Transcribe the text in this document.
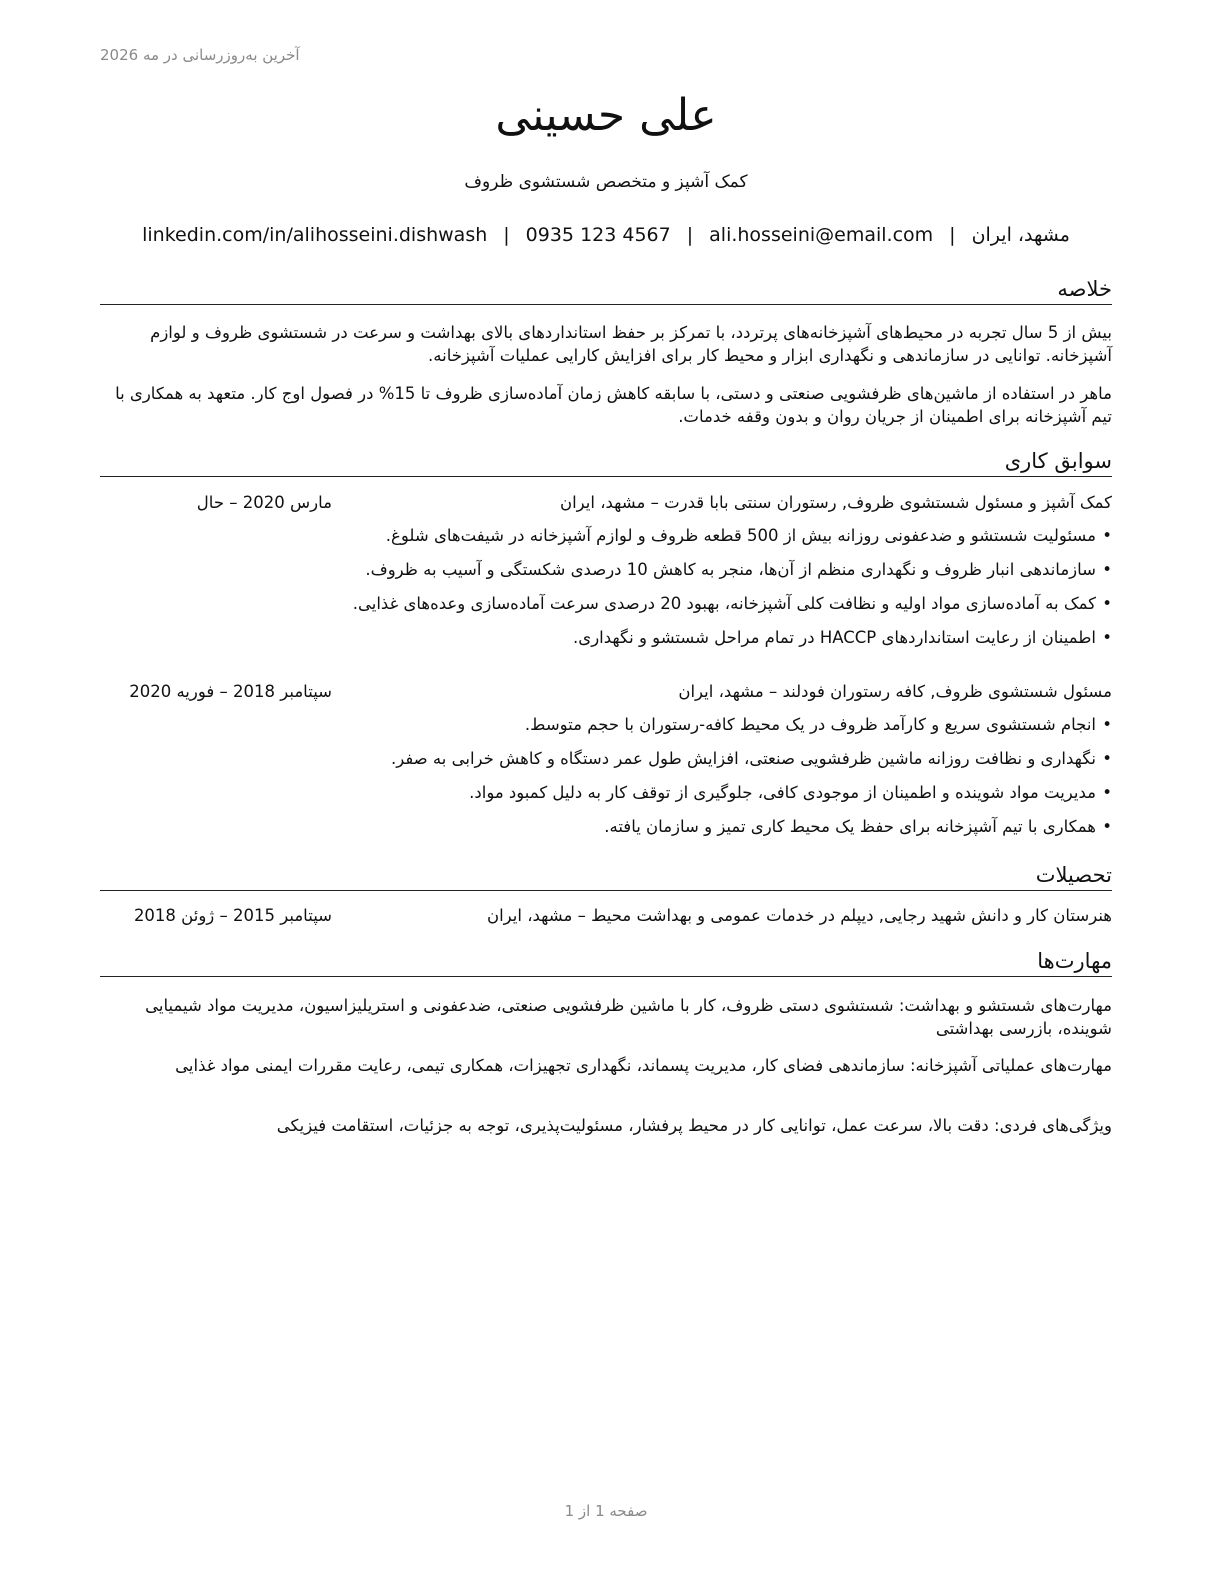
آخرین به‌روزرسانی در مه 2026
علی حسینی
کمک آشپز و متخصص شستشوی ظروف
مشهد، ایران|ali.hosseini@email.com|0935 123 4567|linkedin.com/in/alihosseini.dishwash
خلاصه
بیش از 5 سال تجربه در محیط‌های آشپزخانه‌های پرتردد، با تمرکز بر حفظ استانداردهای بالای بهداشت و سرعت در شستشوی ظروف و لوازم آشپزخانه. توانایی در سازماندهی و نگهداری ابزار و محیط کار برای افزایش کارایی عملیات آشپزخانه.
ماهر در استفاده از ماشین‌های ظرفشویی صنعتی و دستی، با سابقه کاهش زمان آماده‌سازی ظروف تا 15% در فصول اوج کار. متعهد به همکاری با تیم آشپزخانه برای اطمینان از جریان روان و بدون وقفه خدمات.
سوابق کاری
کمک آشپز و مسئول شستشوی ظروف, رستوران سنتی بابا قدرت – مشهد، ایران
مارس 2020 – حال
•مسئولیت شستشو و ضدعفونی روزانه بیش از 500 قطعه ظروف و لوازم آشپزخانه در شیفت‌های شلوغ.
•سازماندهی انبار ظروف و نگهداری منظم از آن‌ها، منجر به کاهش 10 درصدی شکستگی و آسیب به ظروف.
•کمک به آماده‌سازی مواد اولیه و نظافت کلی آشپزخانه، بهبود 20 درصدی سرعت آماده‌سازی وعده‌های غذایی.
•اطمینان از رعایت استانداردهای HACCP در تمام مراحل شستشو و نگهداری.
مسئول شستشوی ظروف, کافه رستوران فودلند – مشهد، ایران
سپتامبر 2018 – فوریه 2020
•انجام شستشوی سریع و کارآمد ظروف در یک محیط کافه-رستوران با حجم متوسط.
•نگهداری و نظافت روزانه ماشین ظرفشویی صنعتی، افزایش طول عمر دستگاه و کاهش خرابی به صفر.
•مدیریت مواد شوینده و اطمینان از موجودی کافی، جلوگیری از توقف کار به دلیل کمبود مواد.
•همکاری با تیم آشپزخانه برای حفظ یک محیط کاری تمیز و سازمان یافته.
تحصیلات
هنرستان کار و دانش شهید رجایی, دیپلم در خدمات عمومی و بهداشت محیط – مشهد، ایران
سپتامبر 2015 – ژوئن 2018
مهارت‌ها
مهارت‌های شستشو و بهداشت: شستشوی دستی ظروف، کار با ماشین ظرفشویی صنعتی، ضدعفونی و استریلیزاسیون، مدیریت مواد شیمیایی شوینده، بازرسی بهداشتی
مهارت‌های عملیاتی آشپزخانه: سازماندهی فضای کار، مدیریت پسماند، نگهداری تجهیزات، همکاری تیمی، رعایت مقررات ایمنی مواد غذایی
ویژگی‌های فردی: دقت بالا، سرعت عمل، توانایی کار در محیط پرفشار، مسئولیت‌پذیری، توجه به جزئیات، استقامت فیزیکی
صفحه 1 از 1
